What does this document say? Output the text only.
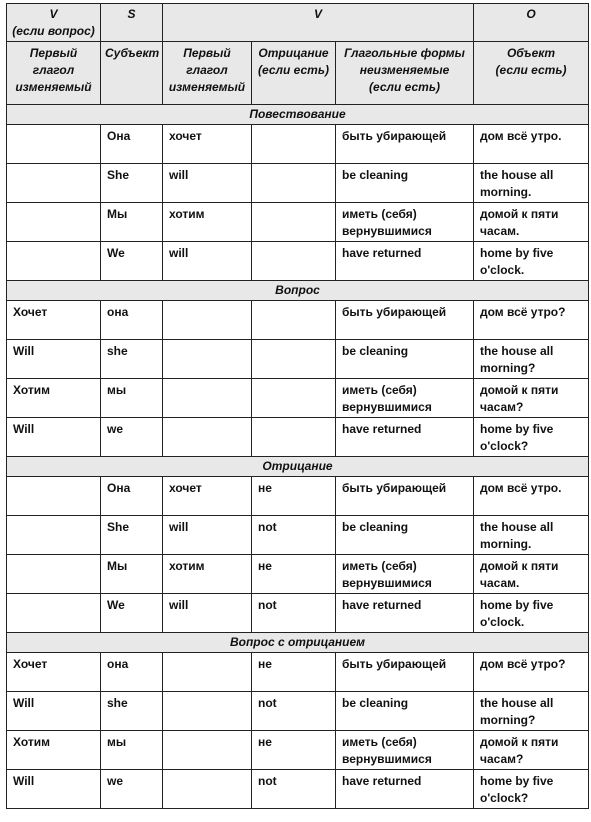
V
(если вопрос)	S	V			O
Первый
глагол
изменяемый	Субъект	Первый
глагол
изменяемый	Отрицание
(если есть)	Глагольные формы
неизменяемые
(если есть)	Объект
(если есть)
Повествование					
	Она	хочет		быть убирающей	дом всё утро.
	She	will		be cleaning	the house all morning.
	Мы	хотим		иметь (себя) вернувшимися	домой к пяти часам.
	We	will		have returned	home by five o'clock.
Вопрос					
Хочет	она			быть убирающей	дом всё утро?
Will	she			be cleaning	the house all morning?
Хотим	мы			иметь (себя) вернувшимися	домой к пяти часам?
Will	we			have returned	home by five o'clock?
Отрицание					
	Она	хочет	не	быть убирающей	дом всё утро.
	She	will	not	be cleaning	the house all morning.
	Мы	хотим	не	иметь (себя) вернувшимися	домой к пяти часам.
	We	will	not	have returned	home by five o'clock.
Вопрос с отрицанием					
Хочет	она		не	быть убирающей	дом всё утро?
Will	she		not	be cleaning	the house all morning?
Хотим	мы		не	иметь (себя) вернувшимися	домой к пяти часам?
Will	we		not	have returned	home by five o'clock?
